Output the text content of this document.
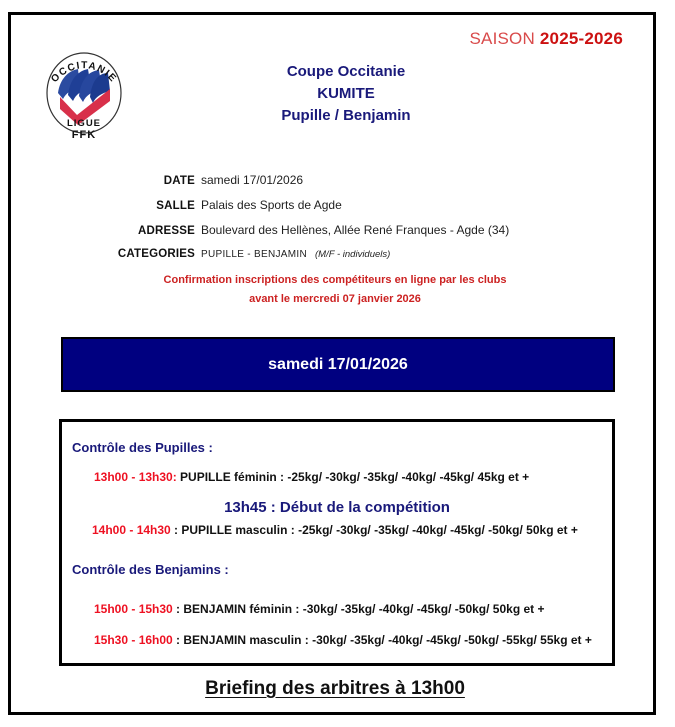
SAISON 2025-2026
OCCITANIE
LIGUE
FFK
Coupe Occitanie
KUMITE
Pupille / Benjamin
DATE samedi 17/01/2026
SALLE Palais des Sports de Agde
ADRESSE Boulevard des Hellènes, Allée René Franques - Agde (34)
CATEGORIES PUPILLE - BENJAMIN (M/F - individuels)
Confirmation inscriptions des compétiteurs en ligne par les clubs
avant le mercredi 07 janvier 2026
samedi 17/01/2026
Contrôle des Pupilles :
13h00 - 13h30: PUPILLE féminin : -25kg/ -30kg/ -35kg/ -40kg/ -45kg/ 45kg et +
13h45 : Début de la compétition
14h00 - 14h30 : PUPILLE masculin : -25kg/ -30kg/ -35kg/ -40kg/ -45kg/ -50kg/ 50kg et +
Contrôle des Benjamins :
15h00 - 15h30 : BENJAMIN féminin : -30kg/ -35kg/ -40kg/ -45kg/ -50kg/ 50kg et +
15h30 - 16h00 : BENJAMIN masculin : -30kg/ -35kg/ -40kg/ -45kg/ -50kg/ -55kg/ 55kg et +
Briefing des arbitres à 13h00
